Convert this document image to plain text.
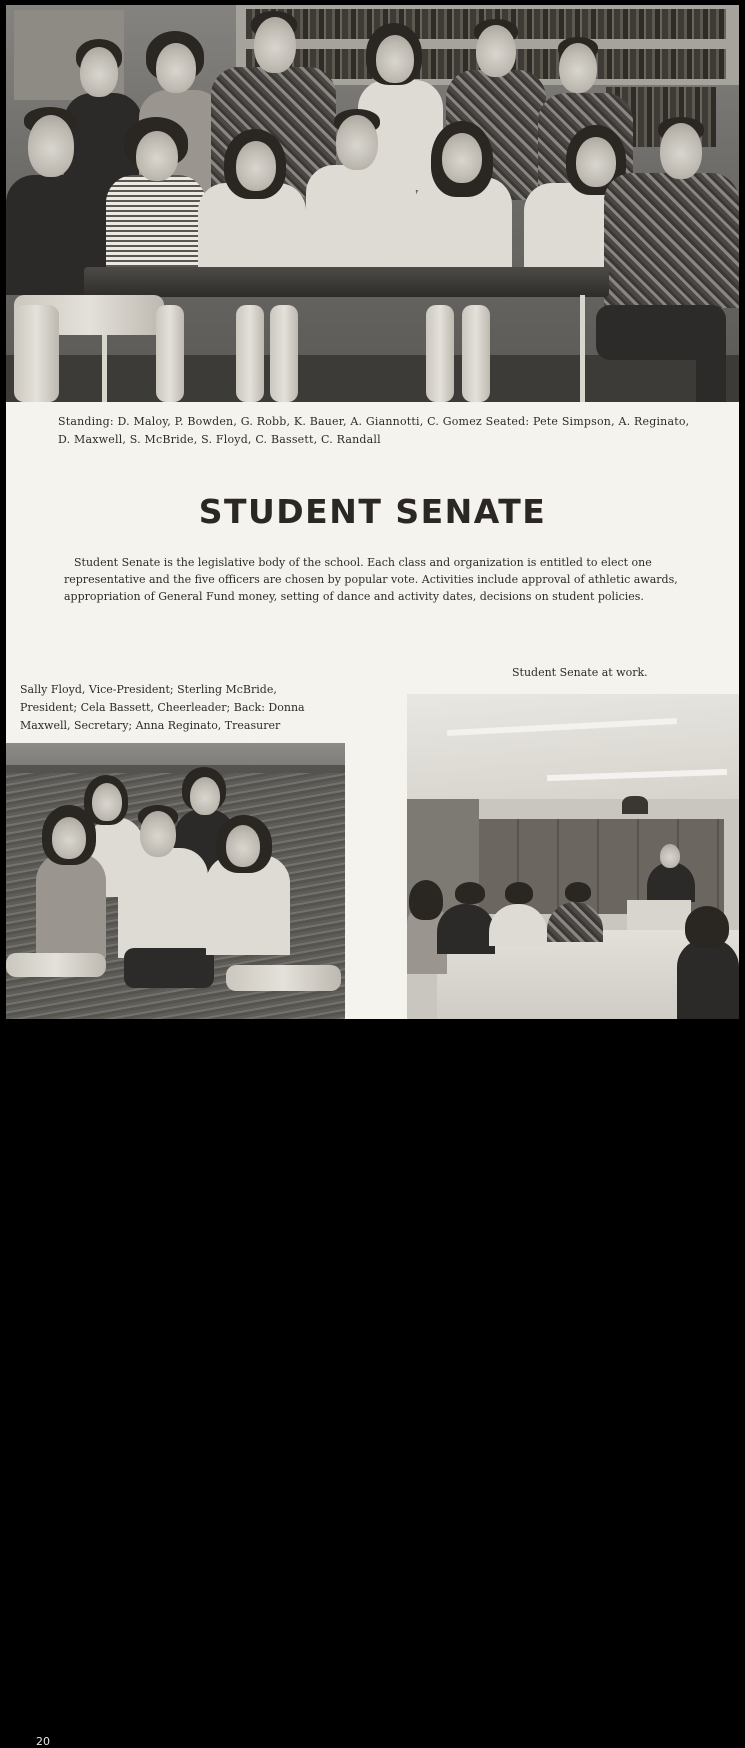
Standing: D. Maloy, P. Bowden, G. Robb, K. Bauer, A. Giannotti, C. Gomez Seated: Pete Simpson, A. Reginato, D. Maxwell, S. McBride, S. Floyd, C. Bassett, C. Randall

STUDENT SENATE

Student Senate is the legislative body of the school. Each class and organization is entitled to elect one representative and the five officers are chosen by popular vote. Activities include approval of athletic awards, appropriation of General Fund money, setting of dance and activity dates, decisions on student policies.

Student Senate at work.

Sally Floyd, Vice-President; Sterling McBride, President; Cela Bassett, Cheerleader; Back: Donna Maxwell, Secretary; Anna Reginato, Treasurer

20
